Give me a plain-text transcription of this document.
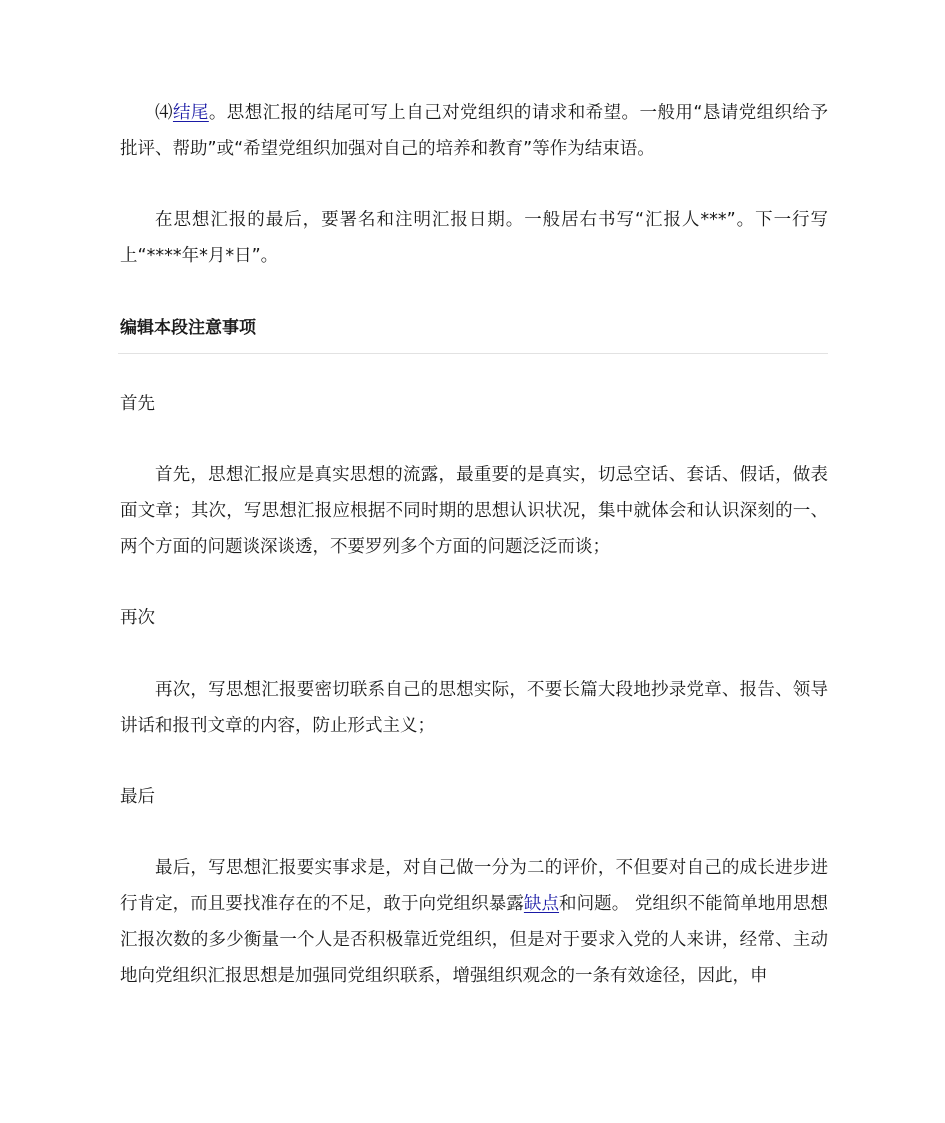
⑷结尾。思想汇报的结尾可写上自己对党组织的请求和希望。一般用“恳请党组织给予批评、帮助”或“希望党组织加强对自己的培养和教育”等作为结束语。

在思想汇报的最后，要署名和注明汇报日期。一般居右书写“汇报人***”。下一行写上“****年*月*日”。

编辑本段注意事项

首先

首先，思想汇报应是真实思想的流露，最重要的是真实，切忌空话、套话、假话，做表面文章；其次，写思想汇报应根据不同时期的思想认识状况，集中就体会和认识深刻的一、两个方面的问题谈深谈透，不要罗列多个方面的问题泛泛而谈；

再次

再次，写思想汇报要密切联系自己的思想实际，不要长篇大段地抄录党章、报告、领导讲话和报刊文章的内容，防止形式主义；

最后

最后，写思想汇报要实事求是，对自己做一分为二的评价，不但要对自己的成长进步进行肯定，而且要找准存在的不足，敢于向党组织暴露缺点和问题。 党组织不能简单地用思想汇报次数的多少衡量一个人是否积极靠近党组织，但是对于要求入党的人来讲，经常、主动地向党组织汇报思想是加强同党组织联系，增强组织观念的一条有效途径，因此，申
